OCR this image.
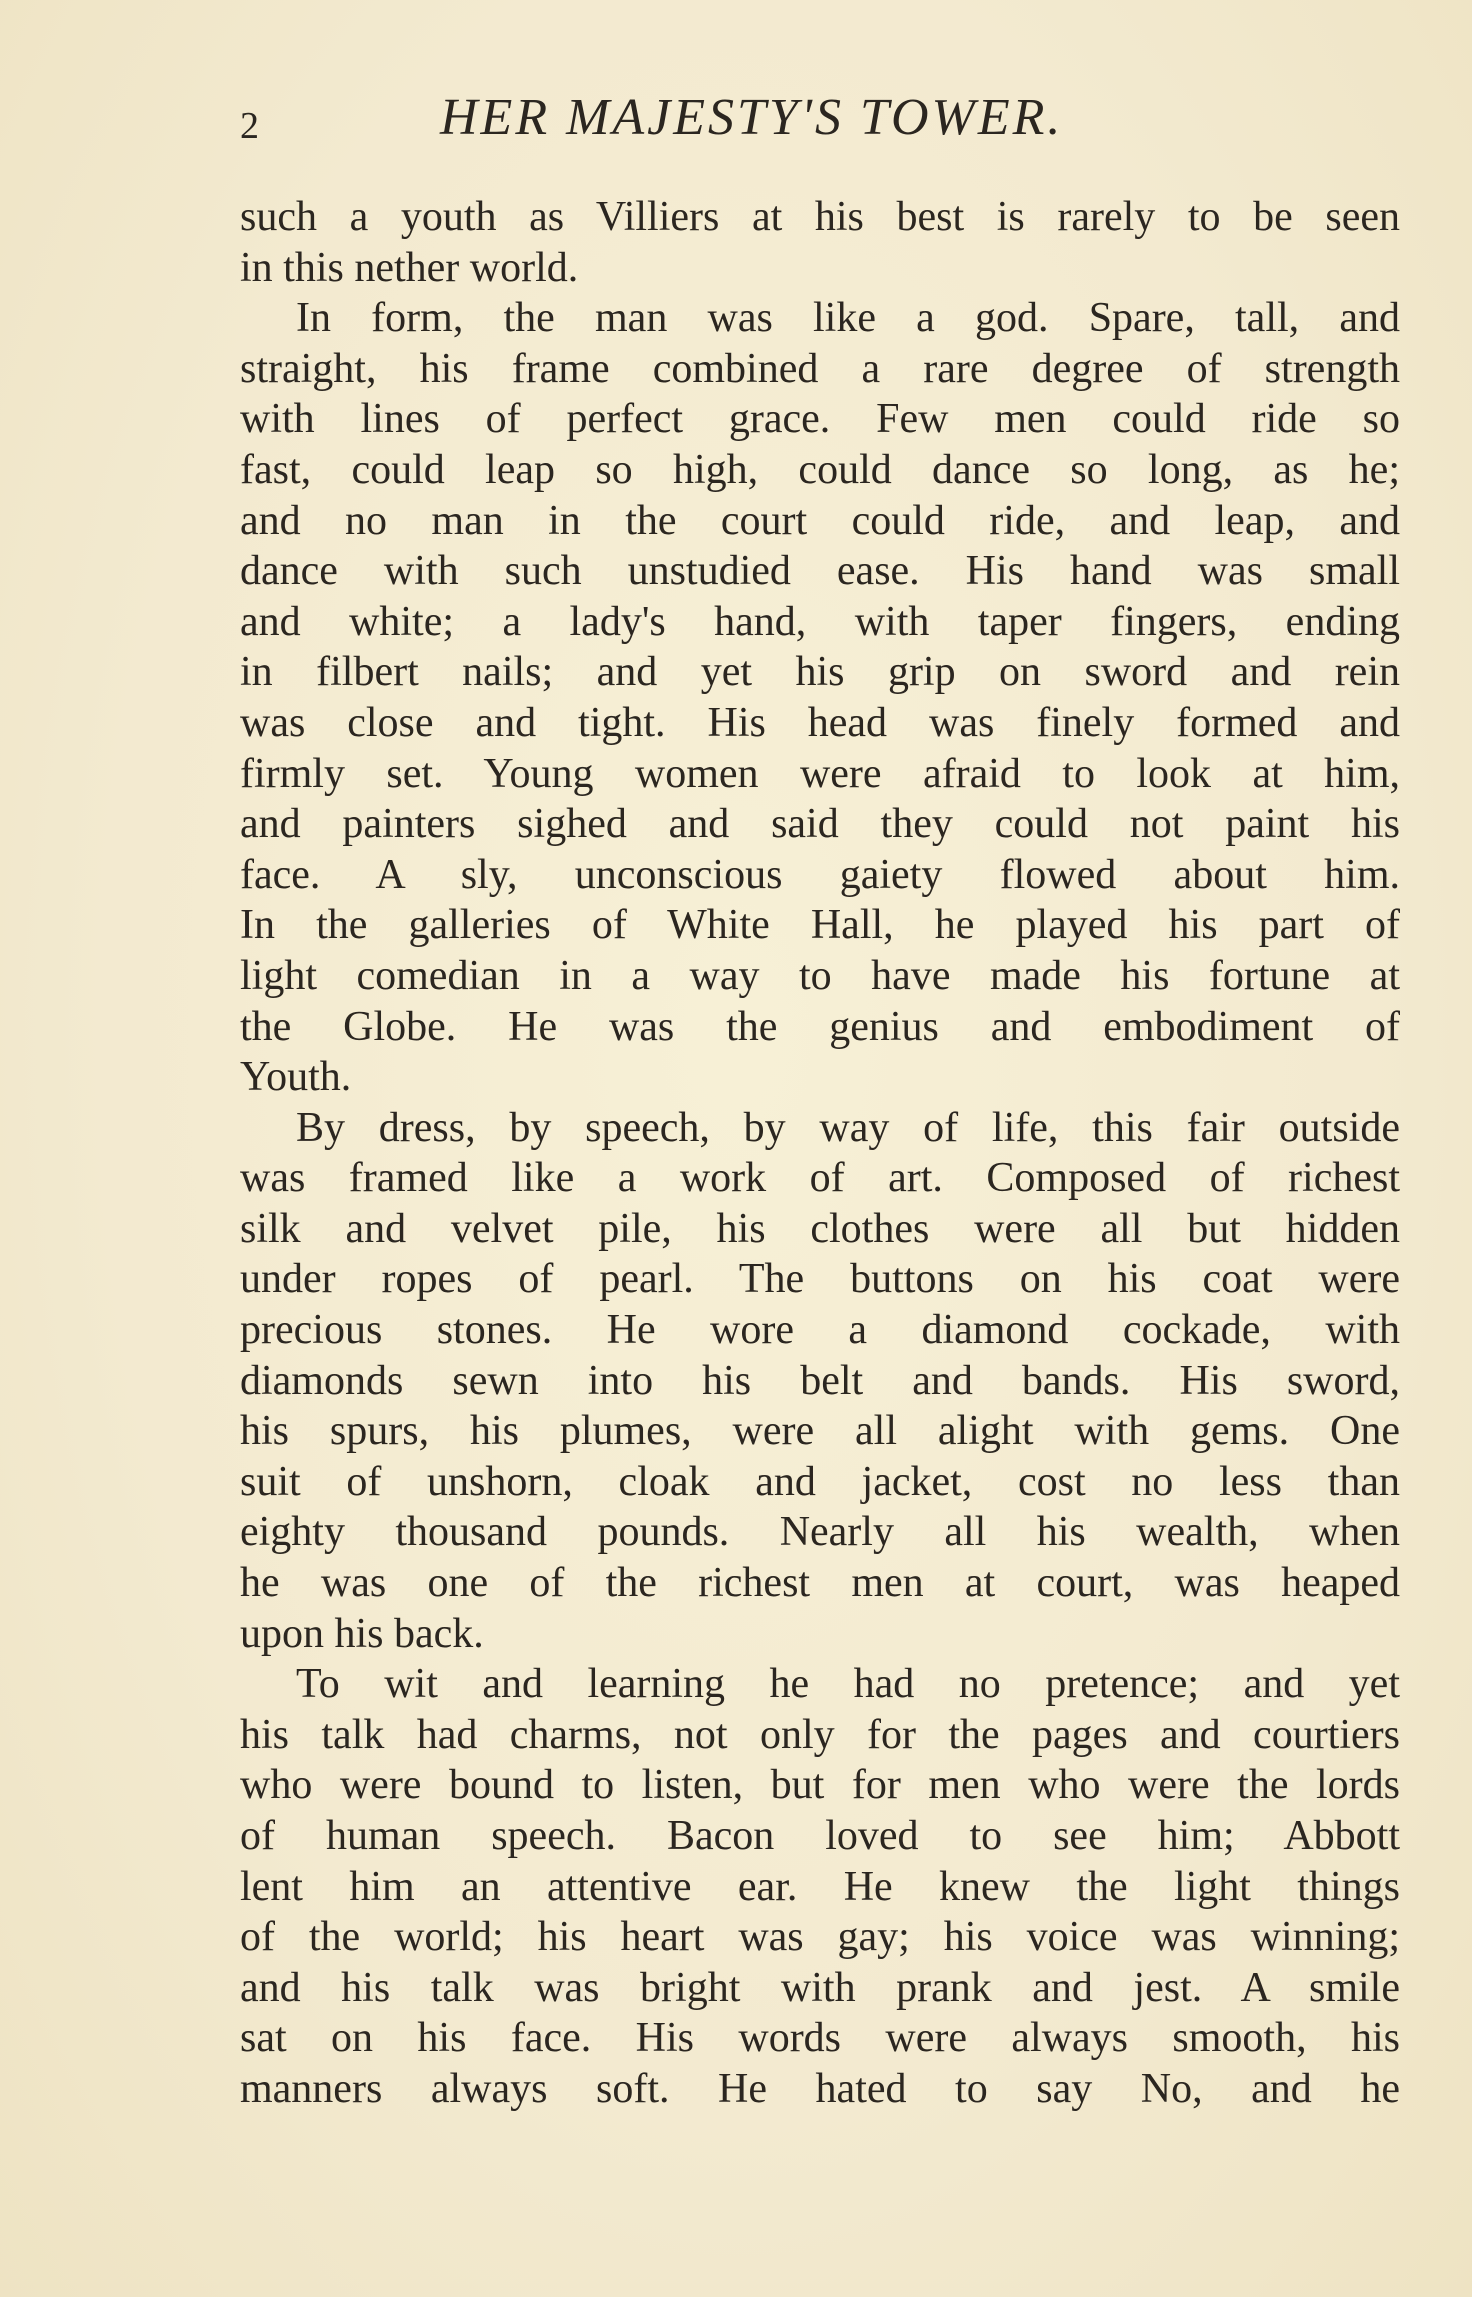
2	HER MAJESTY'S TOWER.
such a youth as Villiers at his best is rarely to be seen
in this nether world.
In form, the man was like a god. Spare, tall, and
straight, his frame combined a rare degree of strength
with lines of perfect grace. Few men could ride so
fast, could leap so high, could dance so long, as he;
and no man in the court could ride, and leap, and
dance with such unstudied ease. His hand was small
and white; a lady's hand, with taper fingers, ending
in filbert nails; and yet his grip on sword and rein
was close and tight. His head was finely formed and
firmly set. Young women were afraid to look at him,
and painters sighed and said they could not paint his
face. A sly, unconscious gaiety flowed about him.
In the galleries of White Hall, he played his part of
light comedian in a way to have made his fortune at
the Globe. He was the genius and embodiment of
Youth.
By dress, by speech, by way of life, this fair outside
was framed like a work of art. Composed of richest
silk and velvet pile, his clothes were all but hidden
under ropes of pearl. The buttons on his coat were
precious stones. He wore a diamond cockade, with
diamonds sewn into his belt and bands. His sword,
his spurs, his plumes, were all alight with gems. One
suit of unshorn, cloak and jacket, cost no less than
eighty thousand pounds. Nearly all his wealth, when
he was one of the richest men at court, was heaped
upon his back.
To wit and learning he had no pretence; and yet
his talk had charms, not only for the pages and courtiers
who were bound to listen, but for men who were the lords
of human speech. Bacon loved to see him; Abbott
lent him an attentive ear. He knew the light things
of the world; his heart was gay; his voice was winning;
and his talk was bright with prank and jest. A smile
sat on his face. His words were always smooth, his
manners always soft. He hated to say No, and he
